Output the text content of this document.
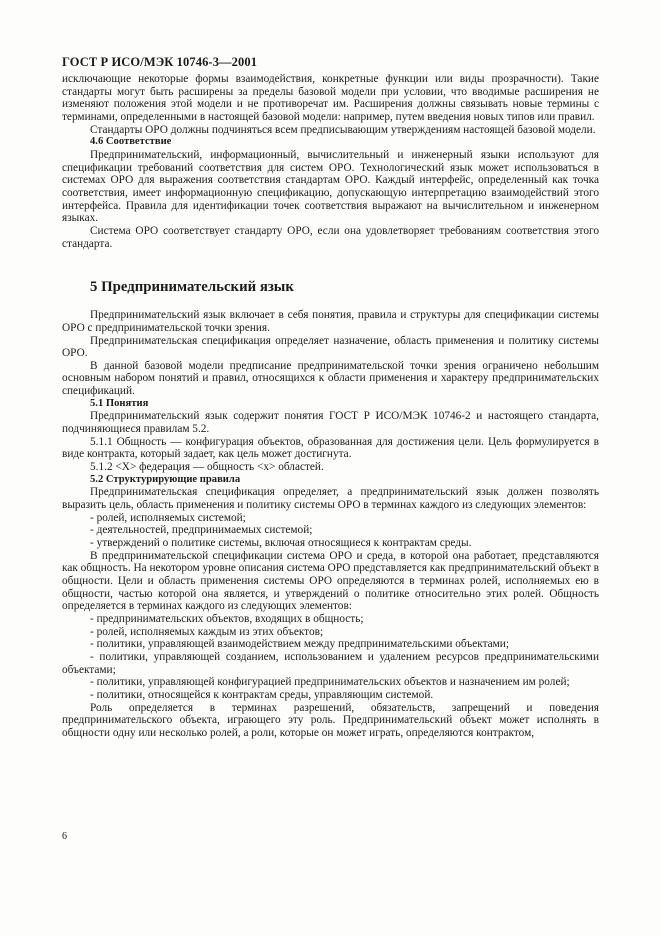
ГОСТ Р ИСО/МЭК 10746-3—2001

исключающие некоторые формы взаимодействия, конкретные функции или виды прозрачности). Такие стандарты могут быть расширены за пределы базовой модели при условии, что вводимые расширения не изменяют положения этой модели и не противоречат им. Расширения должны связывать новые термины с терминами, определенными в настоящей базовой модели: например, путем введения новых типов или правил.

Стандарты ОРО должны подчиняться всем предписывающим утверждениям настоящей базовой модели.

4.6 Соответствие

Предпринимательский, информационный, вычислительный и инженерный языки используют для спецификации требований соответствия для систем ОРО. Технологический язык может использоваться в системах ОРО для выражения соответствия стандартам ОРО. Каждый интерфейс, определенный как точка соответствия, имеет информационную спецификацию, допускающую интерпретацию взаимодействий этого интерфейса. Правила для идентификации точек соответствия выражают на вычислительном и инженерном языках.

Система ОРО соответствует стандарту ОРО, если она удовлетворяет требованиям соответствия этого стандарта.

5 Предпринимательский язык

Предпринимательский язык включает в себя понятия, правила и структуры для спецификации системы ОРО с предпринимательской точки зрения.

Предпринимательская спецификация определяет назначение, область применения и политику системы ОРО.

В данной базовой модели предписание предпринимательской точки зрения ограничено небольшим основным набором понятий и правил, относящихся к области применения и характеру предпринимательских спецификаций.

5.1 Понятия

Предпринимательский язык содержит понятия ГОСТ Р ИСО/МЭК 10746-2 и настоящего стандарта, подчиняющиеся правилам 5.2.

5.1.1 Общность — конфигурация объектов, образованная для достижения цели. Цель формулируется в виде контракта, который задает, как цель может достигнута.

5.1.2 <X> федерация — общность <x> областей.

5.2 Структурирующие правила

Предпринимательская спецификация определяет, а предпринимательский язык должен позволять выразить цель, область применения и политику системы ОРО в терминах каждого из следующих элементов:

- ролей, исполняемых системой;

- деятельностей, предпринимаемых системой;

- утверждений о политике системы, включая относящиеся к контрактам среды.

В предпринимательской спецификации система ОРО и среда, в которой она работает, представляются как общность. На некотором уровне описания система ОРО представляется как предпринимательский объект в общности. Цели и область применения системы ОРО определяются в терминах ролей, исполняемых ею в общности, частью которой она является, и утверждений о политике относительно этих ролей. Общность определяется в терминах каждого из следующих элементов:

- предпринимательских объектов, входящих в общность;

- ролей, исполняемых каждым из этих объектов;

- политики, управляющей взаимодействием между предпринимательскими объектами;

- политики, управляющей созданием, использованием и удалением ресурсов предпринимательскими объектами;

- политики, управляющей конфигурацией предпринимательских объектов и назначением им ролей;

- политики, относящейся к контрактам среды, управляющим системой.

Роль определяется в терминах разрешений, обязательств, запрещений и поведения предпринимательского объекта, играющего эту роль. Предпринимательский объект может исполнять в общности одну или несколько ролей, а роли, которые он может играть, определяются контрактом,

6
